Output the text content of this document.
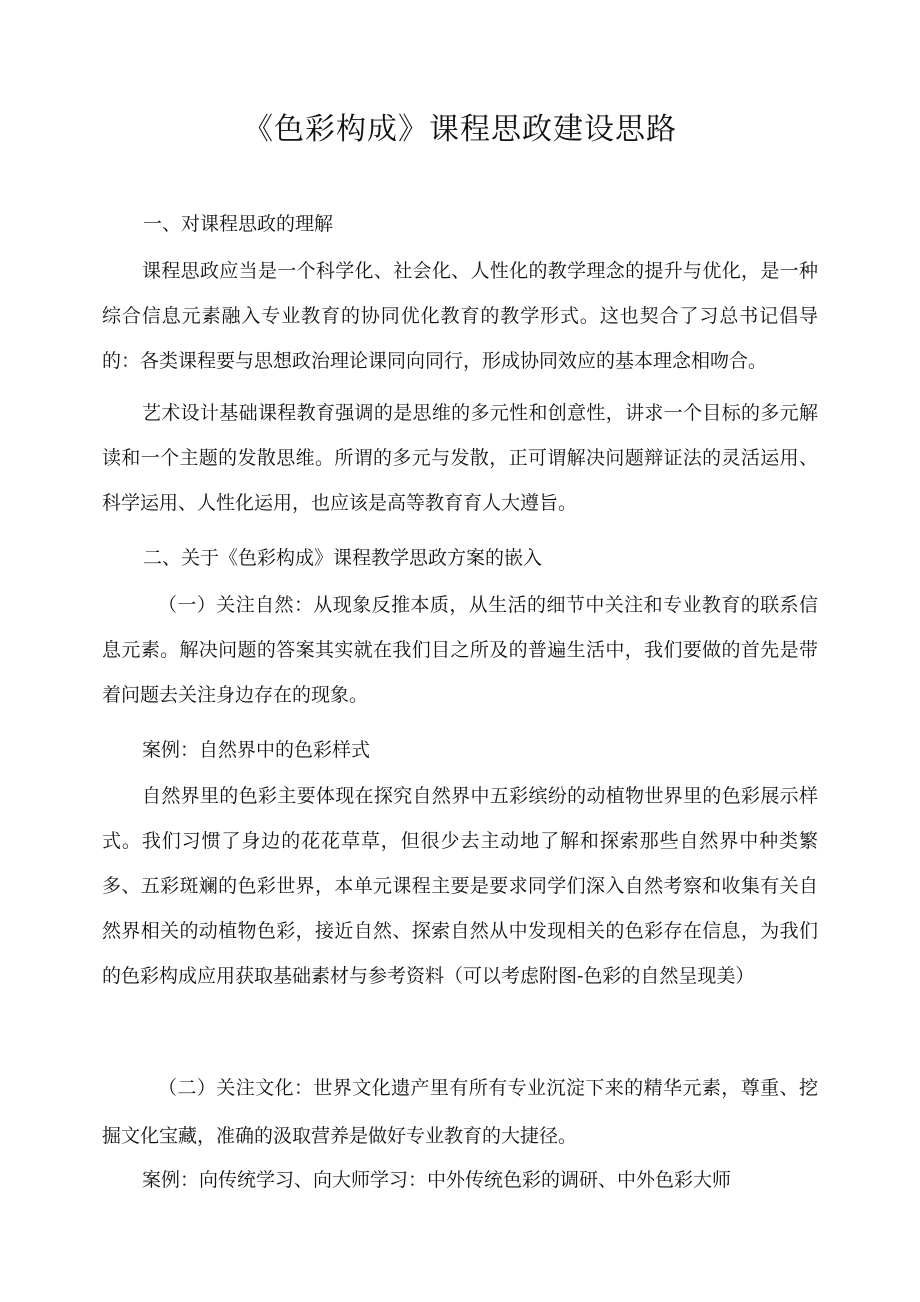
《色彩构成》课程思政建设思路
一、对课程思政的理解

课程思政应当是一个科学化、社会化、人性化的教学理念的提升与优化，是一种综合信息元素融入专业教育的协同优化教育的教学形式。这也契合了习总书记倡导的：各类课程要与思想政治理论课同向同行，形成协同效应的基本理念相吻合。

艺术设计基础课程教育强调的是思维的多元性和创意性，讲求一个目标的多元解读和一个主题的发散思维。所谓的多元与发散，正可谓解决问题辩证法的灵活运用、科学运用、人性化运用，也应该是高等教育育人大遵旨。

二、关于《色彩构成》课程教学思政方案的嵌入

（一）关注自然：从现象反推本质，从生活的细节中关注和专业教育的联系信息元素。解决问题的答案其实就在我们目之所及的普遍生活中，我们要做的首先是带着问题去关注身边存在的现象。

案例：自然界中的色彩样式

自然界里的色彩主要体现在探究自然界中五彩缤纷的动植物世界里的色彩展示样式。我们习惯了身边的花花草草，但很少去主动地了解和探索那些自然界中种类繁多、五彩斑斓的色彩世界，本单元课程主要是要求同学们深入自然考察和收集有关自然界相关的动植物色彩，接近自然、探索自然从中发现相关的色彩存在信息，为我们的色彩构成应用获取基础素材与参考资料（可以考虑附图-色彩的自然呈现美）

（二）关注文化：世界文化遗产里有所有专业沉淀下来的精华元素，尊重、挖掘文化宝藏，准确的汲取营养是做好专业教育的大捷径。

案例：向传统学习、向大师学习：中外传统色彩的调研、中外色彩大师
